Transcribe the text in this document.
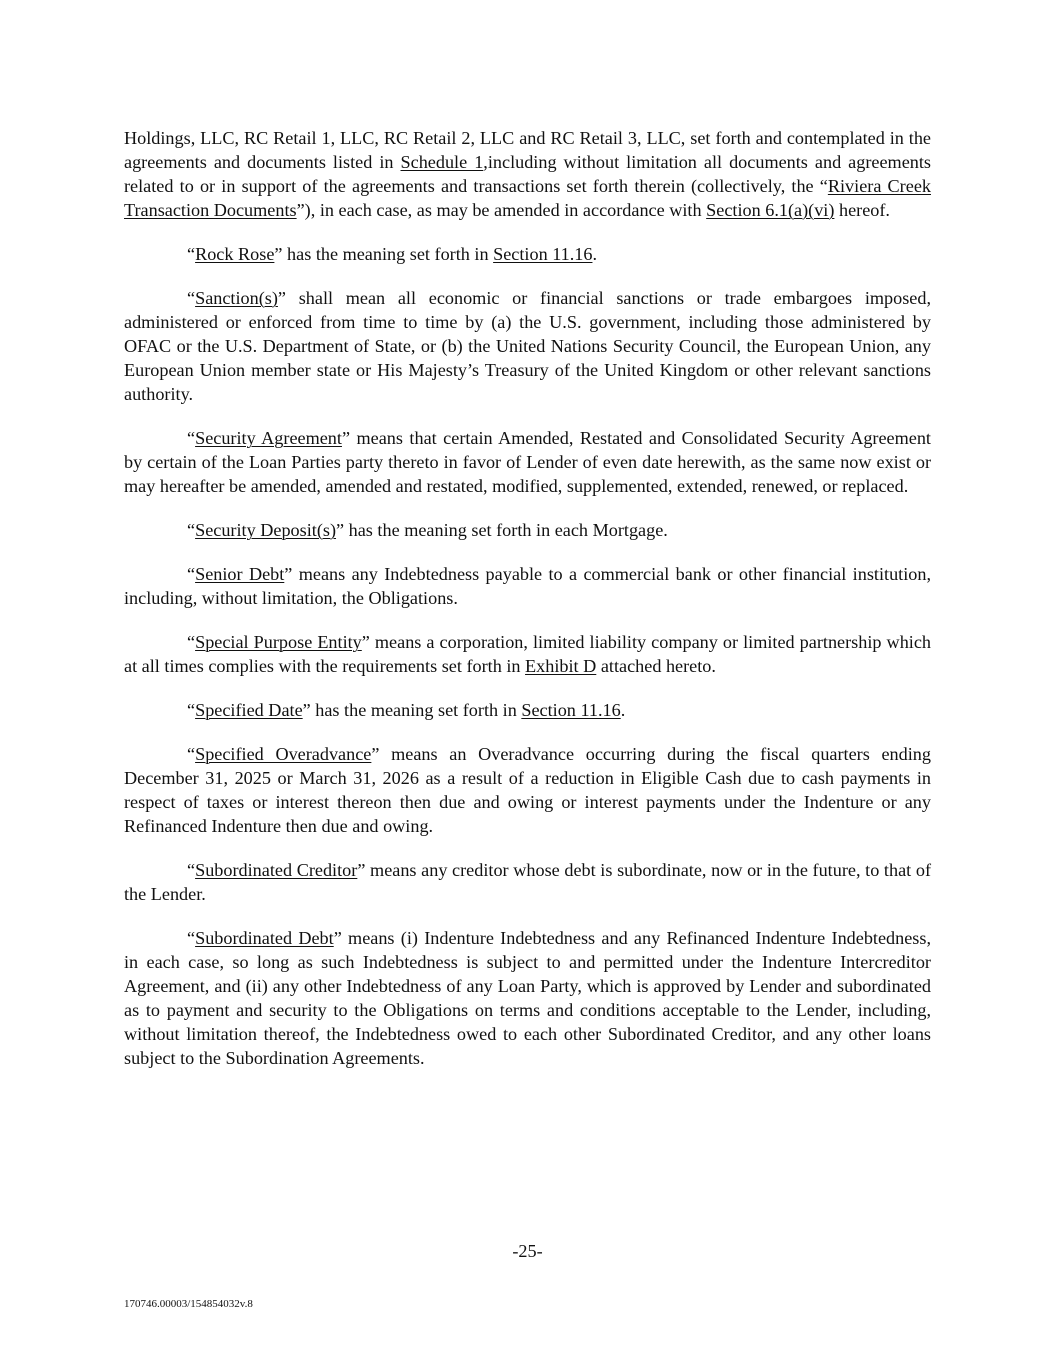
Holdings, LLC, RC Retail 1, LLC, RC Retail 2, LLC and RC Retail 3, LLC, set forth and contemplated in the agreements and documents listed in Schedule 1,including without limitation all documents and agreements related to or in support of the agreements and transactions set forth therein (collectively, the “Riviera Creek Transaction Documents”), in each case, as may be amended in accordance with Section 6.1(a)(vi) hereof.

“Rock Rose” has the meaning set forth in Section 11.16.

“Sanction(s)” shall mean all economic or financial sanctions or trade embargoes imposed, administered or enforced from time to time by (a) the U.S. government, including those administered by OFAC or the U.S. Department of State, or (b) the United Nations Security Council, the European Union, any European Union member state or His Majesty’s Treasury of the United Kingdom or other relevant sanctions authority.

“Security Agreement” means that certain Amended, Restated and Consolidated Security Agreement by certain of the Loan Parties party thereto in favor of Lender of even date herewith, as the same now exist or may hereafter be amended, amended and restated, modified, supplemented, extended, renewed, or replaced.

“Security Deposit(s)” has the meaning set forth in each Mortgage.

“Senior Debt” means any Indebtedness payable to a commercial bank or other financial institution, including, without limitation, the Obligations.

“Special Purpose Entity” means a corporation, limited liability company or limited partnership which at all times complies with the requirements set forth in Exhibit D attached hereto.

“Specified Date” has the meaning set forth in Section 11.16.

“Specified Overadvance” means an Overadvance occurring during the fiscal quarters ending December 31, 2025 or March 31, 2026 as a result of a reduction in Eligible Cash due to cash payments in respect of taxes or interest thereon then due and owing or interest payments under the Indenture or any Refinanced Indenture then due and owing.

“Subordinated Creditor” means any creditor whose debt is subordinate, now or in the future, to that of the Lender.

“Subordinated Debt” means (i) Indenture Indebtedness and any Refinanced Indenture Indebtedness, in each case, so long as such Indebtedness is subject to and permitted under the Indenture Intercreditor Agreement, and (ii) any other Indebtedness of any Loan Party, which is approved by Lender and subordinated as to payment and security to the Obligations on terms and conditions acceptable to the Lender, including, without limitation thereof, the Indebtedness owed to each other Subordinated Creditor, and any other loans subject to the Subordination Agreements.

-25-
170746.00003/154854032v.8
